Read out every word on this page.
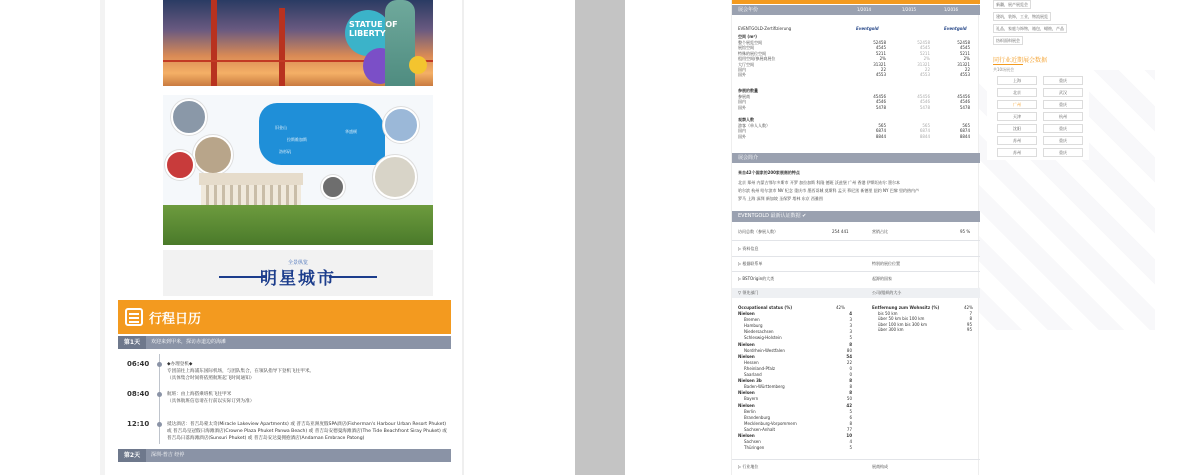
STATUE OF
LIBERTY
旧金山
拉斯维加斯
华盛顿
洛杉矶
全景纵览
明星城市
行程日历
第1天	欢迎来到甲米，探访赤道边的海滩
06:40	◆办理登机◆
专团前往上海浦东国际机场，与团队集合，在领队指导下登机飞往甲米。
（具体集合时间将依照航班起飞时间通知）
08:40	航班：由上海搭乘班机飞往甲米
（具体航班信息请在行前以实际订到为准）
12:10	抵达酒店：普吉岛蒙太奇(Miracle Lakeview Apartments) 或 普吉岛亚洲度假SPA酒店(Fisherman's Harbour Urban Resort Phuket) 或 普吉岛皇冠假日海滩酒店(Crowne Plaza Phuket Panwa Beach) 或 普吉岛安德曼海滩酒店(The Tide Beachfront Siray Phuket) 或 普吉岛日落海滩酒店(Sunsuri Phuket) 或 普吉岛安达曼拥抱酒店(Andaman Embrace Patong)
第2天	深圳-普吉 经停
展会年份	1/2014	1/2015	1/2016
EVENTGOLD-Zertifizierung	Eventgold	Eventgold
空间 (m²)
整个展览空间	52458	52458	52458
展馆空间	4545	4545	4545
特殊的展位空间	5211	5211	5211
租用空间/参展商展位	2%	2%	2%
大厅空间	31321	31321	31321
国内	22	22	22
国外	4553	4553	4553
参展的数量
参展商	45456	45456	45456
国内	4546	4546	4546
国外	5478	5478	5478
观察人数
游客（单人人数）	565	565	565
国内	6874	6874	6874
国外	8844	8844	8844
展会简介
来自42个国家的200家展商的特点
北京 郑州 内蒙古鄂尔多斯市 开罗 加拉加斯 科隆 德班 沃兹堡 广州 香港 伊斯坦布尔 墨尔本
哈尔滨 杭州 哈尔滨市 NV 纪念 重庆市 墨西哥城 莫斯科 孟买 慕尼黑 新德里 纽约 NY 巴黎 里约热内卢
罗马 上海 深圳 新加坡 圣保罗 塔林 东京 西雅图
EVENTGOLD 最新认证数据 ✔
访问总数（参展人数）	254 441	营销占比	95 %
▷ 资料信息
▷ 根据联系单	特别的展位位置
▷ BSTOrigin的大类	起源的国家
▽ 领先部门	公司/组织的大小
Occupational status (%)	42%	Entfernung zum Wohnsitz (%)	42%
bis 50 km	7
über 50 km bis 100 km	8
über 100 km bis 300 km	95
über 300 km	95
Nielsen	4
Bremen	3
Hamburg	3
Niedersachsen	3
Schleswig-Holstein	5
Nielsen	8
Nordrhein-Westfalen	80
Nielsen	54
Hessen	22
Rheinland-Pfalz	0
Saarland	0
Nielsen 3b	8
Baden-Württemberg	8
Nielsen	8
Bayern	50
Nielsen	42
Berlin	5
Brandenburg	6
Mecklenburg-Vorpommern	8
Sachsen-Anhalt	77
Nielsen	10
Sachsen	4
Thüringen	5
▷ 行业地位	展商构成
新疆，展产展览会
建筑，装饰，工业，物流展览
礼品，家庭与饰物，箱包，蜡烛，产品
纺织面料展会
同行业近期展会数据
共10场展会
上海	重庆
北京	武汉
广州	重庆
天津	杭州
沈阳	重庆
苏州	重庆
苏州	重庆
